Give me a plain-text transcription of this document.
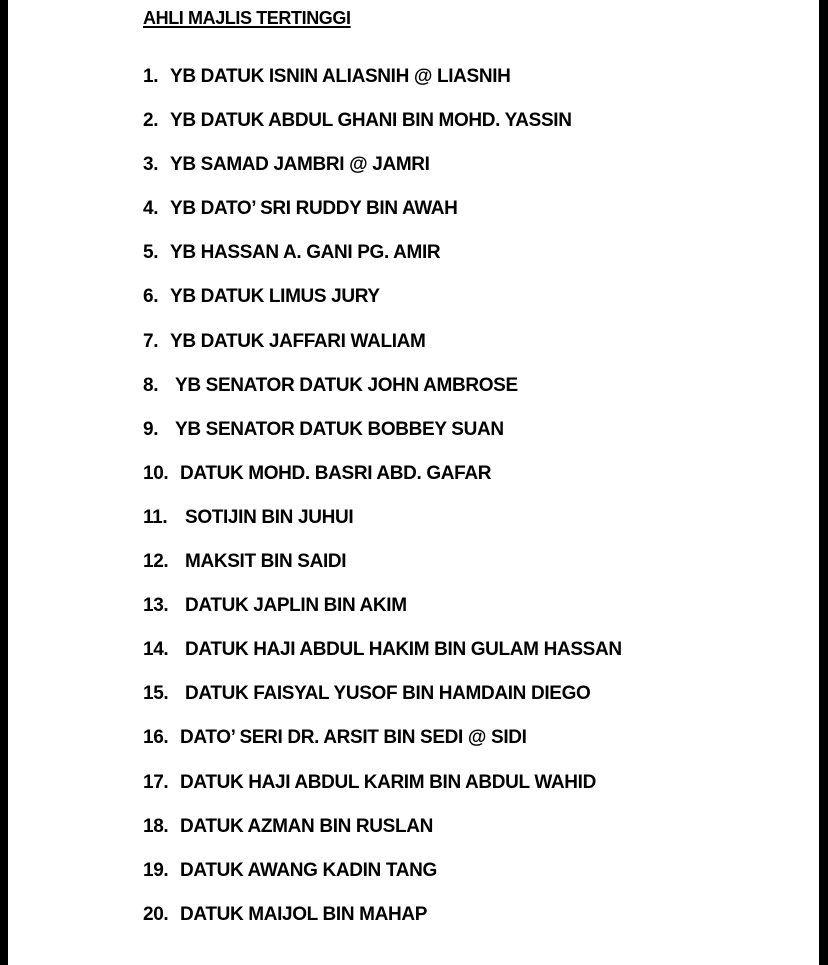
AHLI MAJLIS TERTINGGI
1. YB DATUK ISNIN ALIASNIH @ LIASNIH
2. YB DATUK ABDUL GHANI BIN MOHD. YASSIN
3. YB SAMAD JAMBRI @ JAMRI
4. YB DATO’ SRI RUDDY BIN AWAH
5. YB HASSAN A. GANI PG. AMIR
6. YB DATUK LIMUS JURY
7. YB DATUK JAFFARI WALIAM
8. YB SENATOR DATUK JOHN AMBROSE
9. YB SENATOR DATUK BOBBEY SUAN
10. DATUK MOHD. BASRI ABD. GAFAR
11. SOTIJIN BIN JUHUI
12. MAKSIT BIN SAIDI
13. DATUK JAPLIN BIN AKIM
14. DATUK HAJI ABDUL HAKIM BIN GULAM HASSAN
15. DATUK FAISYAL YUSOF BIN HAMDAIN DIEGO
16. DATO’ SERI DR. ARSIT BIN SEDI @ SIDI
17. DATUK HAJI ABDUL KARIM BIN ABDUL WAHID
18. DATUK AZMAN BIN RUSLAN
19. DATUK AWANG KADIN TANG
20. DATUK MAIJOL BIN MAHAP
